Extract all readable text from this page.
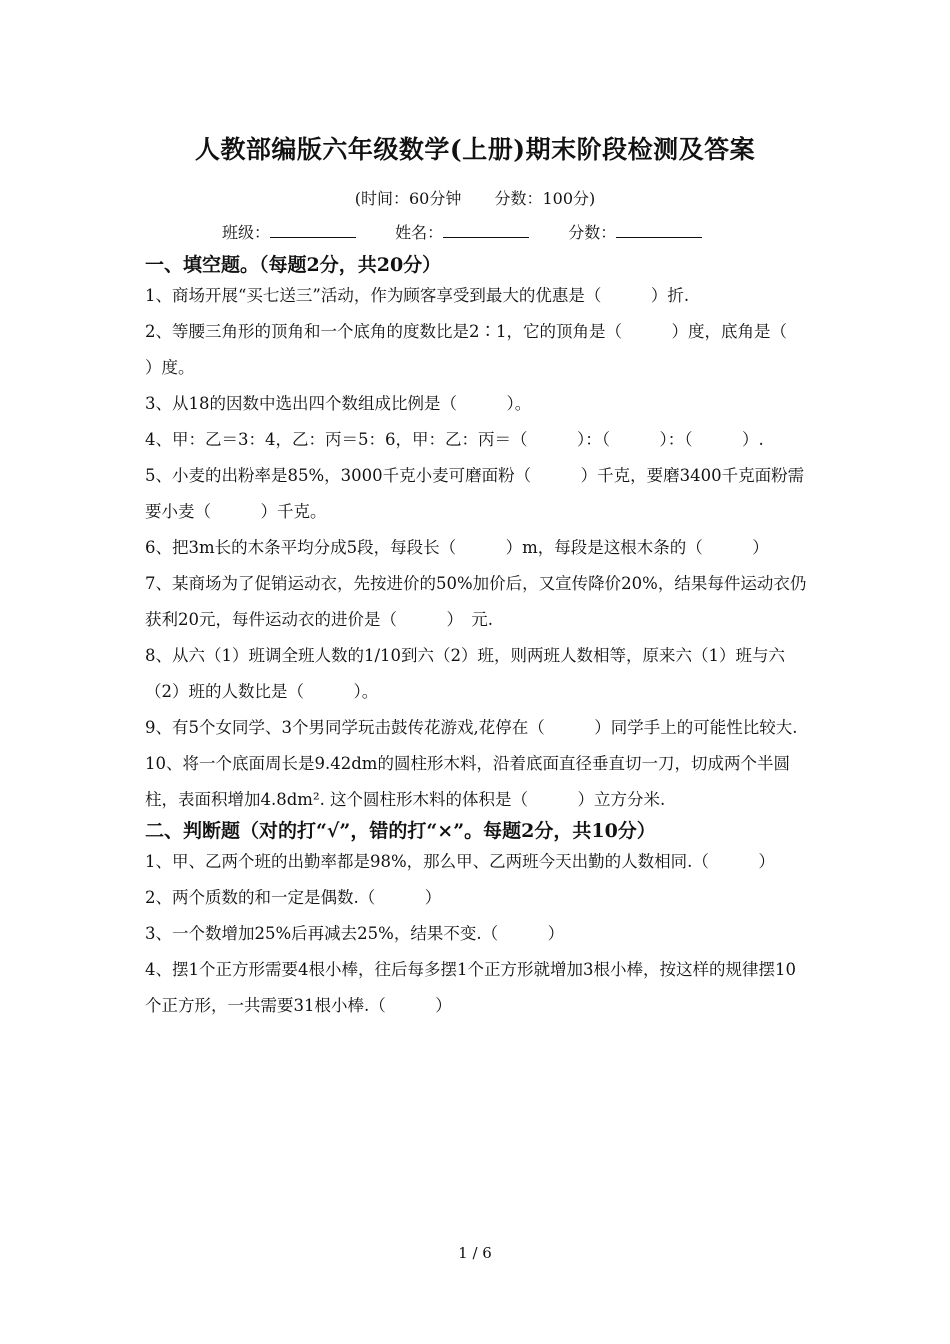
人教部编版六年级数学(上册)期末阶段检测及答案
(时间：60分钟 分数：100分)
班级：	姓名：	分数：

一、填空题。（每题2分，共20分）

1、商场开展“买七送三”活动，作为顾客享受到最大的优惠是（　　　）折.

2、等腰三角形的顶角和一个底角的度数比是2∶1，它的顶角是（　　　）度，底角是（　　　）度。

3、从18的因数中选出四个数组成比例是（　　　）。

4、甲：乙＝3：4，乙：丙＝5：6，甲：乙：丙＝（　　　）：（　　　）：（　　　）.

5、小麦的出粉率是85%，3000千克小麦可磨面粉（　　　）千克，要磨3400千克面粉需要小麦（　　　）千克。

6、把3m长的木条平均分成5段，每段长（　　　）m，每段是这根木条的（　　　）

7、某商场为了促销运动衣，先按进价的50%加价后，又宣传降价20%，结果每件运动衣仍获利20元，每件运动衣的进价是（　　　）　元.

8、从六（1）班调全班人数的1/10到六（2）班，则两班人数相等，原来六（1）班与六（2）班的人数比是（　　　）。

9、有5个女同学、3个男同学玩击鼓传花游戏,花停在（　　　）同学手上的可能性比较大.

10、将一个底面周长是9.42dm的圆柱形木料，沿着底面直径垂直切一刀，切成两个半圆柱，表面积增加4.8dm². 这个圆柱形木料的体积是（　　　）立方分米.

二、判断题（对的打“√”，错的打“×”。每题2分，共10分）

1、甲、乙两个班的出勤率都是98%，那么甲、乙两班今天出勤的人数相同.（　　　）

2、两个质数的和一定是偶数.（　　　）

3、一个数增加25%后再减去25%，结果不变.（　　　）

4、摆1个正方形需要4根小棒，往后每多摆1个正方形就增加3根小棒，按这样的规律摆10个正方形，一共需要31根小棒.（　　　）

1 / 6
